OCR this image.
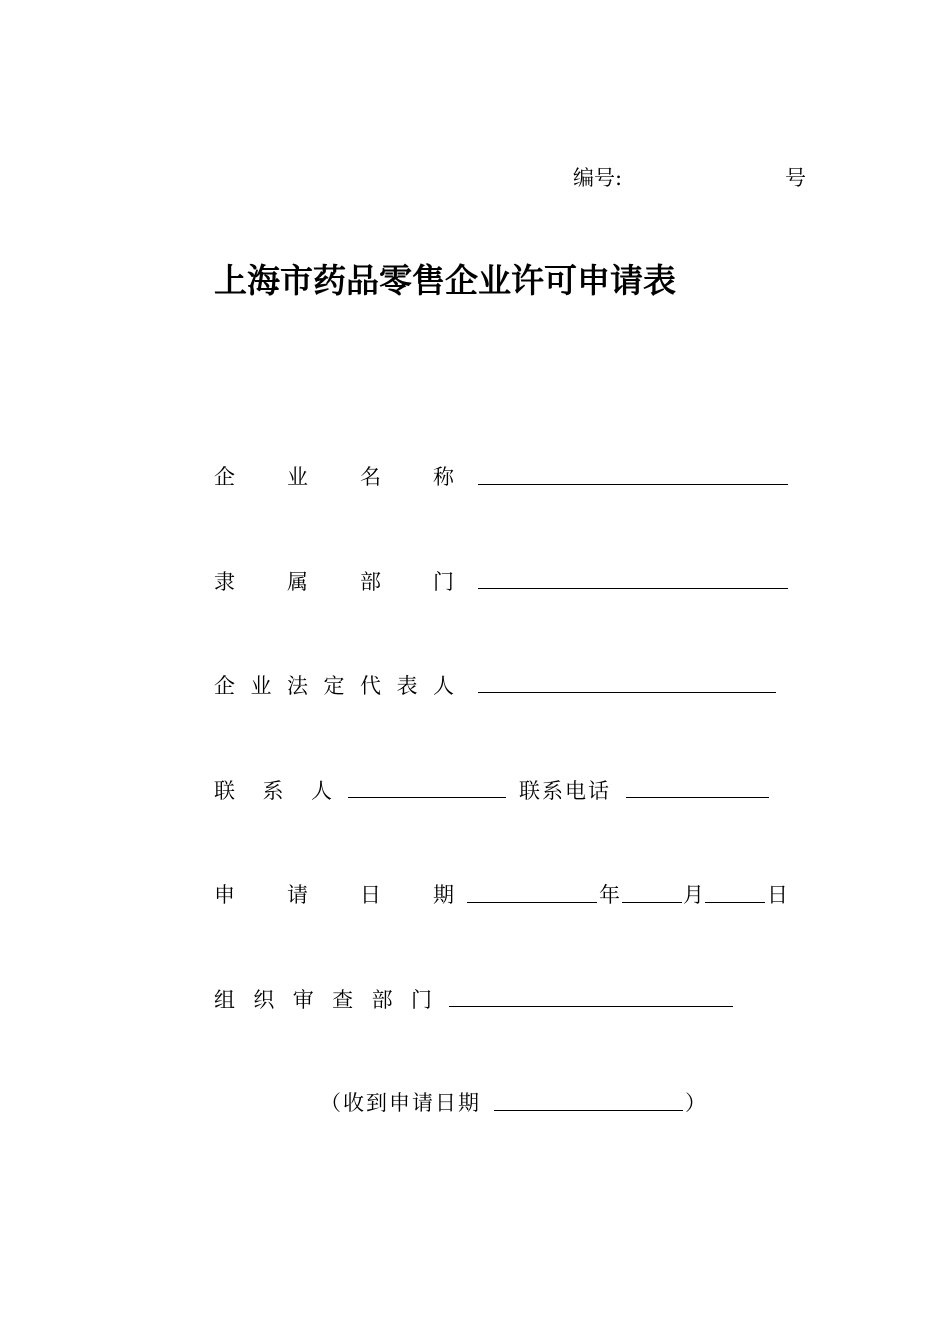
编号:	号
上海市药品零售企业许可申请表
企 业 名 称
隶 属 部 门
企 业 法 定 代 表 人
联 系 人	联系电话
申 请 日 期	年	月	日
组 织 审 查 部 门
（收到申请日期	）
